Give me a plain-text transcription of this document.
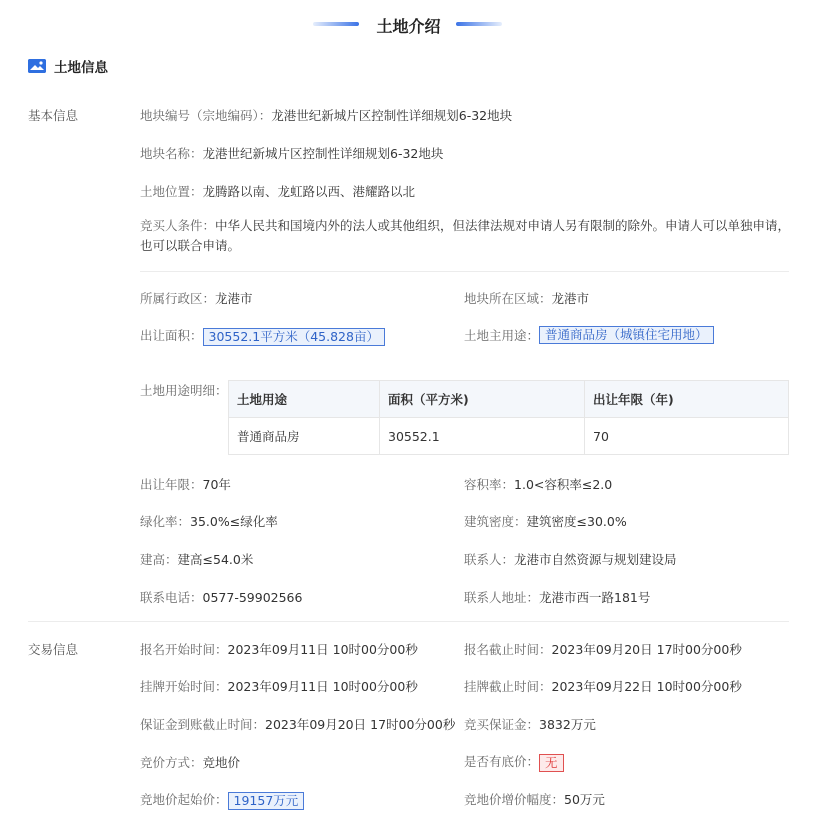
土地介绍
土地信息
基本信息
交易信息
地块编号（宗地编码）：龙港世纪新城片区控制性详细规划6-32地块
地块名称：龙港世纪新城片区控制性详细规划6-32地块
土地位置：龙腾路以南、龙虹路以西、港耀路以北
竞买人条件：中华人民共和国境内外的法人或其他组织，但法律法规对申请人另有限制的除外。申请人可以单独申请，也可以联合申请。
所属行政区：龙港市	地块所在区域：龙港市
出让面积： 30552.1平方米（45.828亩）	土地主用途： 普通商品房（城镇住宅用地）
土地用途明细：
土地用途	面积（平方米)	出让年限（年)
普通商品房	30552.1	70
出让年限：70年	容积率：1.0<容积率≤2.0
绿化率：35.0%≤绿化率	建筑密度：建筑密度≤30.0%
建高：建高≤54.0米	联系人：龙港市自然资源与规划建设局
联系电话：0577-59902566	联系人地址：龙港市西一路181号
报名开始时间：2023年09月11日 10时00分00秒	报名截止时间：2023年09月20日 17时00分00秒
挂牌开始时间：2023年09月11日 10时00分00秒	挂牌截止时间：2023年09月22日 10时00分00秒
保证金到账截止时间：2023年09月20日 17时00分00秒 竞买保证金：3832万元
竞价方式：竞地价	是否有底价： 无
竞地价起始价： 19157万元	竞地价增价幅度：50万元
